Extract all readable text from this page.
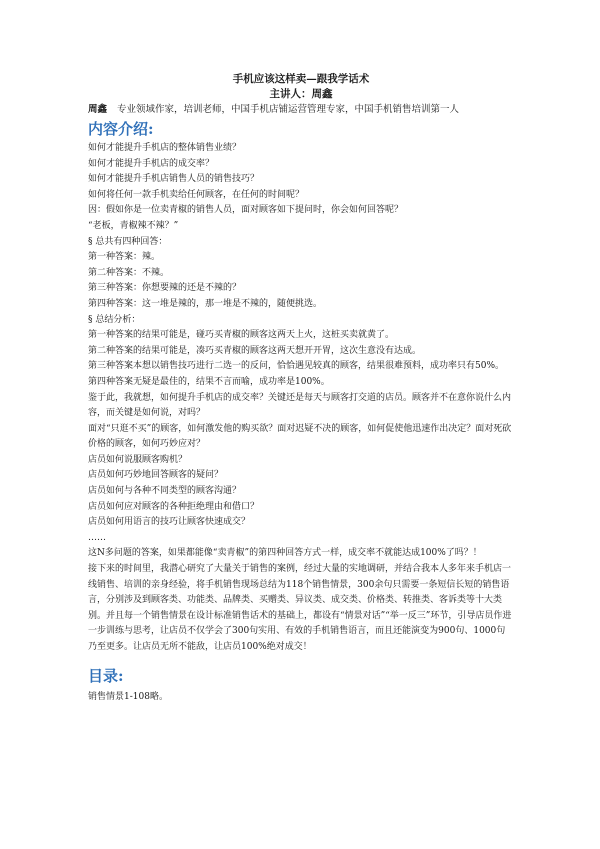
手机应该这样卖—跟我学话术

主讲人：周鑫

周鑫 专业领域作家，培训老师，中国手机店铺运营管理专家，中国手机销售培训第一人

内容介绍:

如何才能提升手机店的整体销售业绩？
如何才能提升手机店的成交率？
如何才能提升手机店销售人员的销售技巧？
如何将任何一款手机卖给任何顾客，在任何的时间呢？
因：假如你是一位卖青椒的销售人员，面对顾客如下提问时，你会如何回答呢？
“老板，青椒辣不辣？”
§ 总共有四种回答：
第一种答案：辣。
第二种答案：不辣。
第三种答案：你想要辣的还是不辣的？
第四种答案：这一堆是辣的，那一堆是不辣的，随便挑选。
§ 总结分析：
第一种答案的结果可能是，碰巧买青椒的顾客这两天上火，这桩买卖就黄了。
第二种答案的结果可能是，凑巧买青椒的顾客这两天想开开胃，这次生意没有达成。
第三种答案本想以销售技巧进行二选一的反问，恰恰遇见较真的顾客，结果很难预料，成功率只有50%。
第四种答案无疑是最佳的，结果不言而喻，成功率是100%。
鉴于此，我就想，如何提升手机店的成交率？关键还是每天与顾客打交道的店员。顾客并不在意你说什么内容，而关键是如何说，对吗？
面对“只逛不买”的顾客，如何激发他的购买欲？面对迟疑不决的顾客，如何促使他迅速作出决定？面对死砍价格的顾客，如何巧妙应对？
店员如何说服顾客购机？
店员如何巧妙地回答顾客的疑问？
店员如何与各种不同类型的顾客沟通？
店员如何应对顾客的各种拒绝理由和借口？
店员如何用语言的技巧让顾客快速成交？
……
这N多问题的答案，如果都能像“卖青椒”的第四种回答方式一样，成交率不就能达成100%了吗？！
接下来的时间里，我潜心研究了大量关于销售的案例，经过大量的实地调研，并结合我本人多年来手机店一线销售、培训的亲身经验，将手机销售现场总结为118个销售情景，300余句只需要一条短信长短的销售语言，分别涉及到顾客类、功能类、品牌类、买赠类、异议类、成交类、价格类、转推类、客诉类等十大类别。并且每一个销售情景在设计标准销售话术的基础上，都设有“情景对话”“举一反三”环节，引导店员作进一步训练与思考，让店员不仅学会了300句实用、有效的手机销售语言，而且还能演变为900句、1000句乃至更多。让店员无所不能敌，让店员100%绝对成交！

目录:

销售情景1-108略。
